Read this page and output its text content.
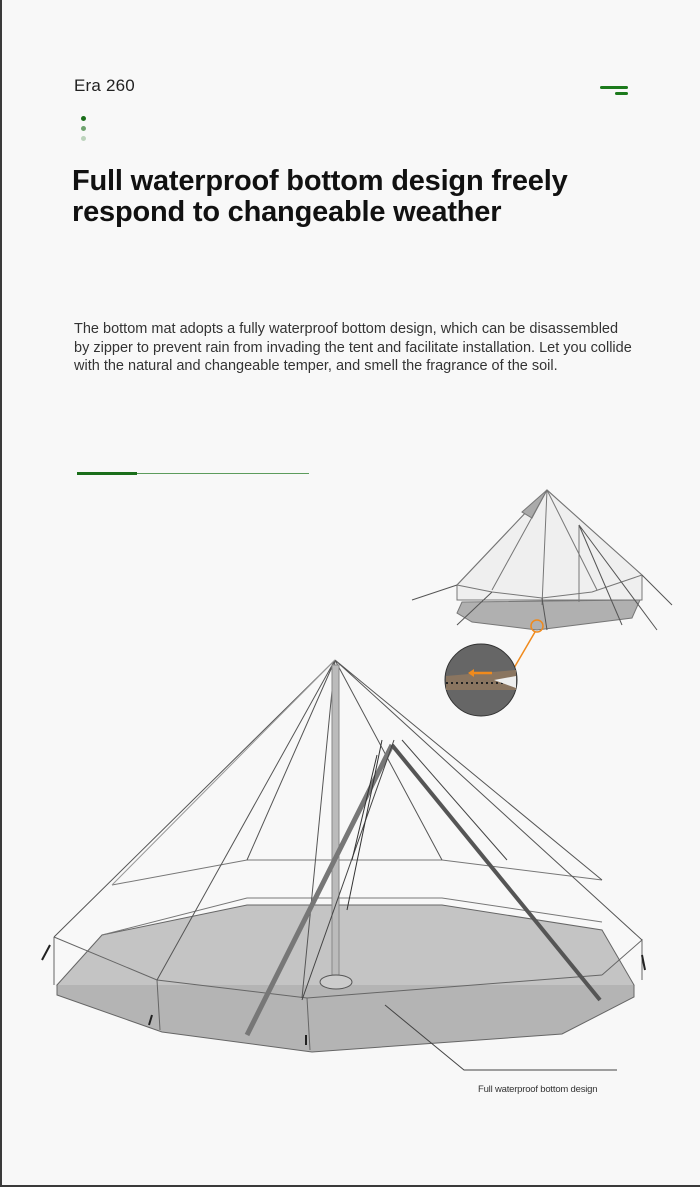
Era 260
Full waterproof bottom design freely respond to changeable weather

The bottom mat adopts a fully waterproof bottom design, which can be disassembled by zipper to prevent rain from invading the tent and facilitate installation. Let you collide with the natural and changeable temper, and smell the fragrance of the soil.

Full waterproof bottom design
